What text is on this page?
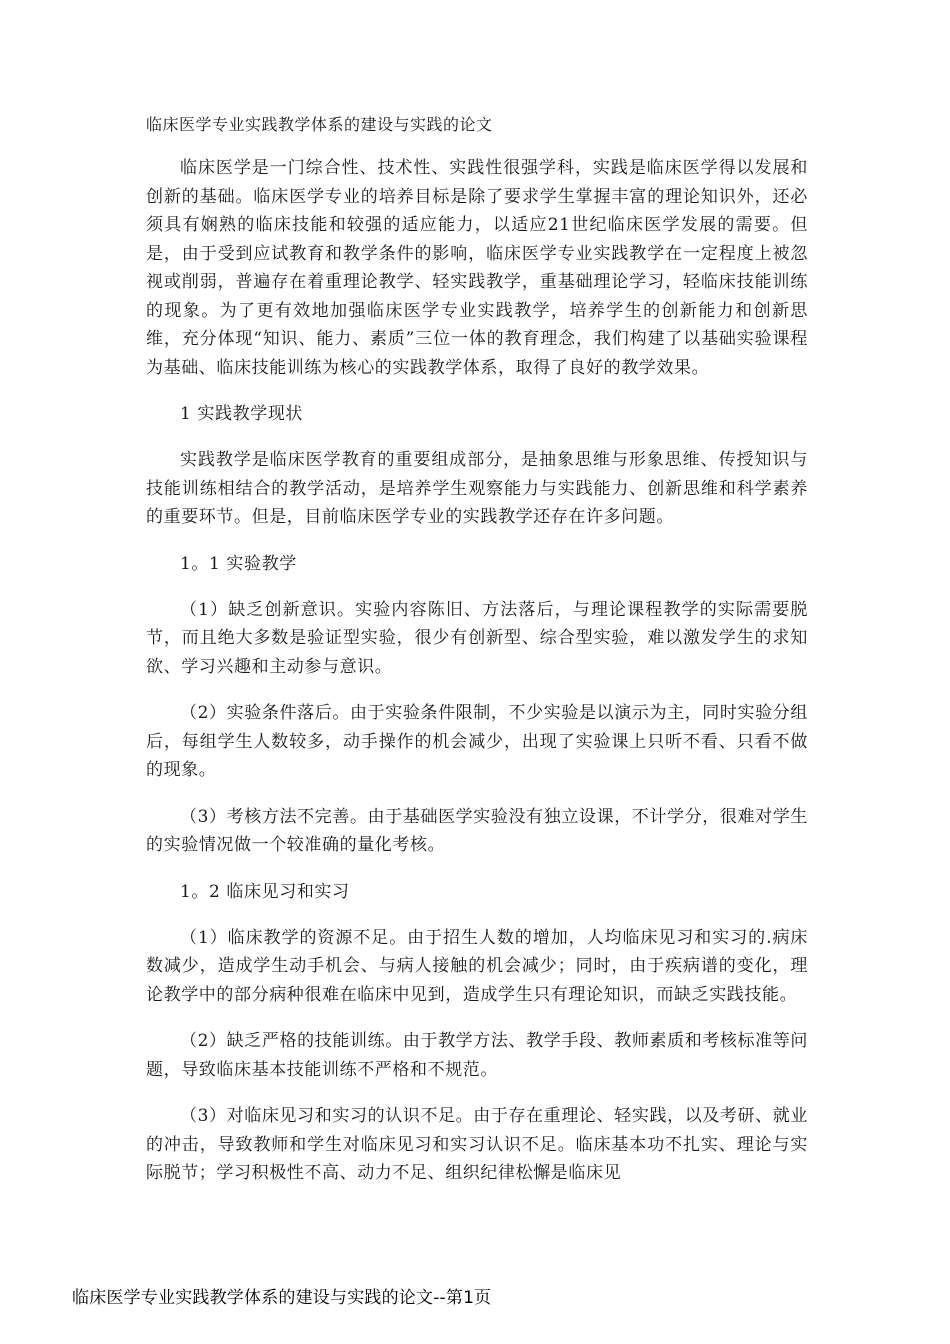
临床医学专业实践教学体系的建设与实践的论文

临床医学是一门综合性、技术性、实践性很强学科，实践是临床医学得以发展和创新的基础。临床医学专业的培养目标是除了要求学生掌握丰富的理论知识外，还必须具有娴熟的临床技能和较强的适应能力，以适应21世纪临床医学发展的需要。但是，由于受到应试教育和教学条件的影响，临床医学专业实践教学在一定程度上被忽视或削弱，普遍存在着重理论教学、轻实践教学，重基础理论学习，轻临床技能训练的现象。为了更有效地加强临床医学专业实践教学，培养学生的创新能力和创新思维，充分体现“知识、能力、素质”三位一体的教育理念，我们构建了以基础实验课程为基础、临床技能训练为核心的实践教学体系，取得了良好的教学效果。

1 实践教学现状

实践教学是临床医学教育的重要组成部分，是抽象思维与形象思维、传授知识与技能训练相结合的教学活动，是培养学生观察能力与实践能力、创新思维和科学素养的重要环节。但是，目前临床医学专业的实践教学还存在许多问题。

1。1 实验教学

（1）缺乏创新意识。实验内容陈旧、方法落后，与理论课程教学的实际需要脱节，而且绝大多数是验证型实验，很少有创新型、综合型实验，难以激发学生的求知欲、学习兴趣和主动参与意识。

（2）实验条件落后。由于实验条件限制，不少实验是以演示为主，同时实验分组后，每组学生人数较多，动手操作的机会减少，出现了实验课上只听不看、只看不做的现象。

（3）考核方法不完善。由于基础医学实验没有独立设课，不计学分，很难对学生的实验情况做一个较准确的量化考核。

1。2 临床见习和实习

（1）临床教学的资源不足。由于招生人数的增加，人均临床见习和实习的.病床数减少，造成学生动手机会、与病人接触的机会减少；同时，由于疾病谱的变化，理论教学中的部分病种很难在临床中见到，造成学生只有理论知识，而缺乏实践技能。

（2）缺乏严格的技能训练。由于教学方法、教学手段、教师素质和考核标准等问题，导致临床基本技能训练不严格和不规范。

（3）对临床见习和实习的认识不足。由于存在重理论、轻实践，以及考研、就业的冲击，导致教师和学生对临床见习和实习认识不足。临床基本功不扎实、理论与实际脱节；学习积极性不高、动力不足、组织纪律松懈是临床见

临床医学专业实践教学体系的建设与实践的论文--第1页
